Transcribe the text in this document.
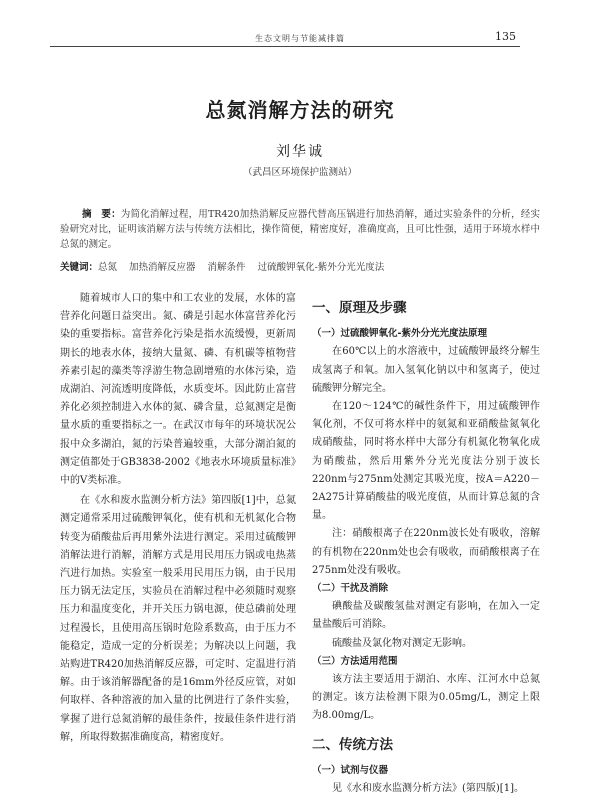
生态文明与节能减排篇	135
总氮消解方法的研究
刘华诚
（武昌区环境保护监测站）
摘　要：为简化消解过程，用TR420加热消解反应器代替高压锅进行加热消解，通过实验条件的分析，经实验研究对比，证明该消解方法与传统方法相比，操作简便，精密度好，准确度高，且可比性强，适用于环境水样中总氮的测定。
关键词：总氮 加热消解反应器 消解条件 过硫酸钾氧化-紫外分光光度法

随着城市人口的集中和工农业的发展，水体的富营养化问题日益突出。氮、磷是引起水体富营养化污染的重要指标。富营养化污染是指水流缓慢，更新周期长的地表水体，接纳大量氮、磷、有机碳等植物营养素引起的藻类等浮游生物急剧增殖的水体污染，造成湖泊、河流透明度降低，水质变坏。因此防止富营养化必须控制进入水体的氮、磷含量，总氮测定是衡量水质的重要指标之一。在武汉市每年的环境状况公报中众多湖泊，氮的污染普遍较重，大部分湖泊氮的测定值都处于GB3838-2002《地表水环境质量标准》中的V类标准。

在《水和废水监测分析方法》第四版[1]中，总氮测定通常采用过硫酸钾氧化，使有机和无机氮化合物转变为硝酸盐后再用紫外法进行测定。采用过硫酸钾消解法进行消解，消解方式是用民用压力锅或电热蒸汽进行加热。实验室一般采用民用压力锅，由于民用压力锅无法定压，实验员在消解过程中必须随时观察压力和温度变化，并开关压力锅电源，使总磷前处理过程漫长，且使用高压锅时危险系数高，由于压力不能稳定，造成一定的分析误差；为解决以上问题，我站购进TR420加热消解反应器，可定时、定温进行消解。由于该消解器配备的是16mm外径反应管，对如何取样、各种溶液的加入量的比例进行了条件实验，掌握了进行总氮消解的最佳条件，按最佳条件进行消解，所取得数据准确度高，精密度好。

一、原理及步骤

（一）过硫酸钾氧化-紫外分光光度法原理

在60℃以上的水溶液中，过硫酸钾最终分解生成氢离子和氧。加入氢氧化钠以中和氢离子，使过硫酸钾分解完全。

在120～124℃的碱性条件下，用过硫酸钾作氧化剂，不仅可将水样中的氨氮和亚硝酸盐氮氧化成硝酸盐，同时将水样中大部分有机氮化物氧化成为硝酸盐，然后用紫外分光光度法分别于波长220nm与275nm处测定其吸光度，按A＝A220－2A275计算硝酸盐的吸光度值，从而计算总氮的含量。

注：硝酸根离子在220nm波长处有吸收，溶解的有机物在220nm处也会有吸收，而硝酸根离子在275nm处没有吸收。

（二）干扰及消除

碘酸盐及碳酸氢盐对测定有影响，在加入一定量盐酸后可消除。

硫酸盐及氯化物对测定无影响。

（三）方法适用范围

该方法主要适用于湖泊、水库、江河水中总氮的测定。该方法检测下限为0.05mg/L，测定上限为8.00mg/L。

二、传统方法

（一）试剂与仪器

见《水和废水监测分析方法》(第四版)[1]。
